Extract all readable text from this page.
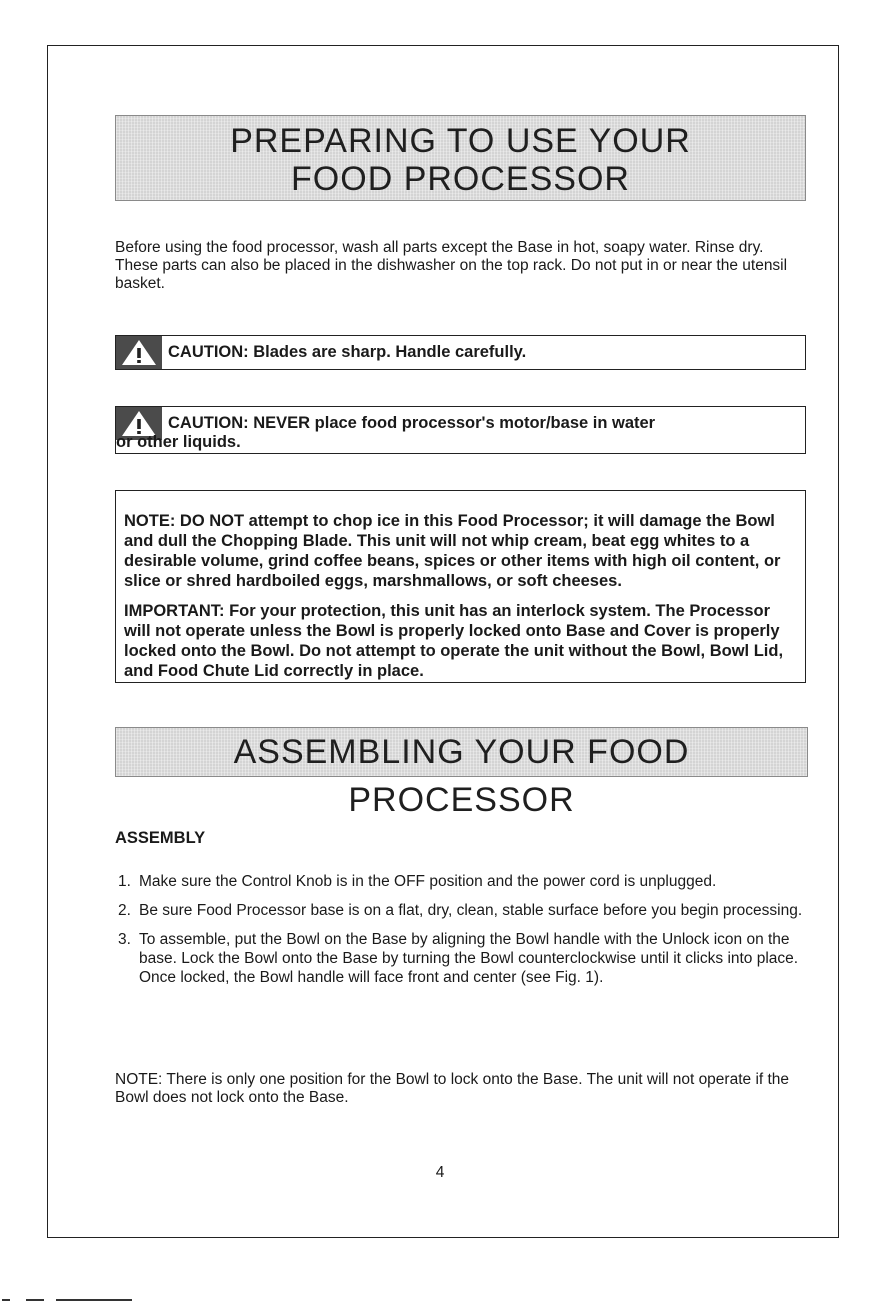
PREPARING TO USE YOUR
FOOD PROCESSOR
Before using the food processor, wash all parts except the Base in hot, soapy water. Rinse dry. These parts can also be placed in the dishwasher on the top rack. Do not put in or near the utensil basket.
CAUTION: Blades are sharp. Handle carefully.
CAUTION: NEVER place food processor's motor/base in water
or other liquids.

NOTE: DO NOT attempt to chop ice in this Food Processor; it will damage the Bowl and dull the Chopping Blade. This unit will not whip cream, beat egg whites to a desirable volume, grind coffee beans, spices or other items with high oil content, or slice or shred hardboiled eggs, marshmallows, or soft cheeses.

IMPORTANT: For your protection, this unit has an interlock system. The Processor will not operate unless the Bowl is properly locked onto Base and Cover is properly locked onto the Bowl. Do not attempt to operate the unit without the Bowl, Bowl Lid, and Food Chute Lid correctly in place.

ASSEMBLING YOUR FOOD PROCESSOR
ASSEMBLY
1. Make sure the Control Knob is in the OFF position and the power cord is unplugged.
2. Be sure Food Processor base is on a flat, dry, clean, stable surface before you begin processing.
3. To assemble, put the Bowl on the Base by aligning the Bowl handle with the Unlock icon on the base. Lock the Bowl onto the Base by turning the Bowl counterclockwise until it clicks into place. Once locked, the Bowl handle will face front and center (see Fig. 1).
NOTE: There is only one position for the Bowl to lock onto the Base. The unit will not operate if the Bowl does not lock onto the Base.
4
